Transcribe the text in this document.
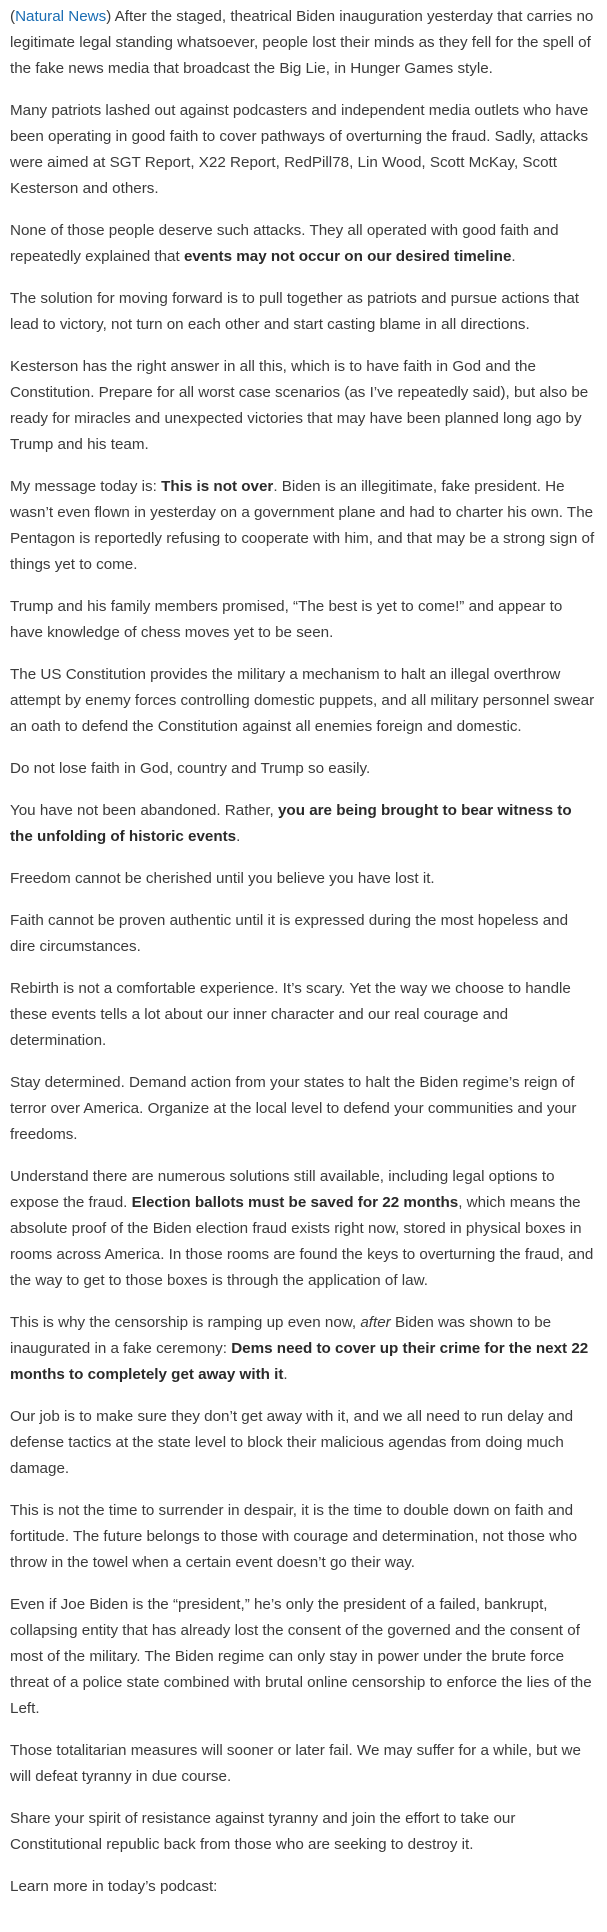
(Natural News) After the staged, theatrical Biden inauguration yesterday that carries no legitimate legal standing whatsoever, people lost their minds as they fell for the spell of the fake news media that broadcast the Big Lie, in Hunger Games style.

Many patriots lashed out against podcasters and independent media outlets who have been operating in good faith to cover pathways of overturning the fraud. Sadly, attacks were aimed at SGT Report, X22 Report, RedPill78, Lin Wood, Scott McKay, Scott Kesterson and others.

None of those people deserve such attacks. They all operated with good faith and repeatedly explained that events may not occur on our desired timeline.

The solution for moving forward is to pull together as patriots and pursue actions that lead to victory, not turn on each other and start casting blame in all directions.

Kesterson has the right answer in all this, which is to have faith in God and the Constitution. Prepare for all worst case scenarios (as I’ve repeatedly said), but also be ready for miracles and unexpected victories that may have been planned long ago by Trump and his team.

My message today is: This is not over. Biden is an illegitimate, fake president. He wasn’t even flown in yesterday on a government plane and had to charter his own. The Pentagon is reportedly refusing to cooperate with him, and that may be a strong sign of things yet to come.

Trump and his family members promised, “The best is yet to come!” and appear to have knowledge of chess moves yet to be seen.

The US Constitution provides the military a mechanism to halt an illegal overthrow attempt by enemy forces controlling domestic puppets, and all military personnel swear an oath to defend the Constitution against all enemies foreign and domestic.

Do not lose faith in God, country and Trump so easily.

You have not been abandoned. Rather, you are being brought to bear witness to the unfolding of historic events.

Freedom cannot be cherished until you believe you have lost it.

Faith cannot be proven authentic until it is expressed during the most hopeless and dire circumstances.

Rebirth is not a comfortable experience. It’s scary. Yet the way we choose to handle these events tells a lot about our inner character and our real courage and determination.

Stay determined. Demand action from your states to halt the Biden regime’s reign of terror over America. Organize at the local level to defend your communities and your freedoms.

Understand there are numerous solutions still available, including legal options to expose the fraud. Election ballots must be saved for 22 months, which means the absolute proof of the Biden election fraud exists right now, stored in physical boxes in rooms across America. In those rooms are found the keys to overturning the fraud, and the way to get to those boxes is through the application of law.

This is why the censorship is ramping up even now, after Biden was shown to be inaugurated in a fake ceremony: Dems need to cover up their crime for the next 22 months to completely get away with it.

Our job is to make sure they don’t get away with it, and we all need to run delay and defense tactics at the state level to block their malicious agendas from doing much damage.

This is not the time to surrender in despair, it is the time to double down on faith and fortitude. The future belongs to those with courage and determination, not those who throw in the towel when a certain event doesn’t go their way.

Even if Joe Biden is the “president,” he’s only the president of a failed, bankrupt, collapsing entity that has already lost the consent of the governed and the consent of most of the military. The Biden regime can only stay in power under the brute force threat of a police state combined with brutal online censorship to enforce the lies of the Left.

Those totalitarian measures will sooner or later fail. We may suffer for a while, but we will defeat tyranny in due course.

Share your spirit of resistance against tyranny and join the effort to take our Constitutional republic back from those who are seeking to destroy it.

Learn more in today’s podcast:
